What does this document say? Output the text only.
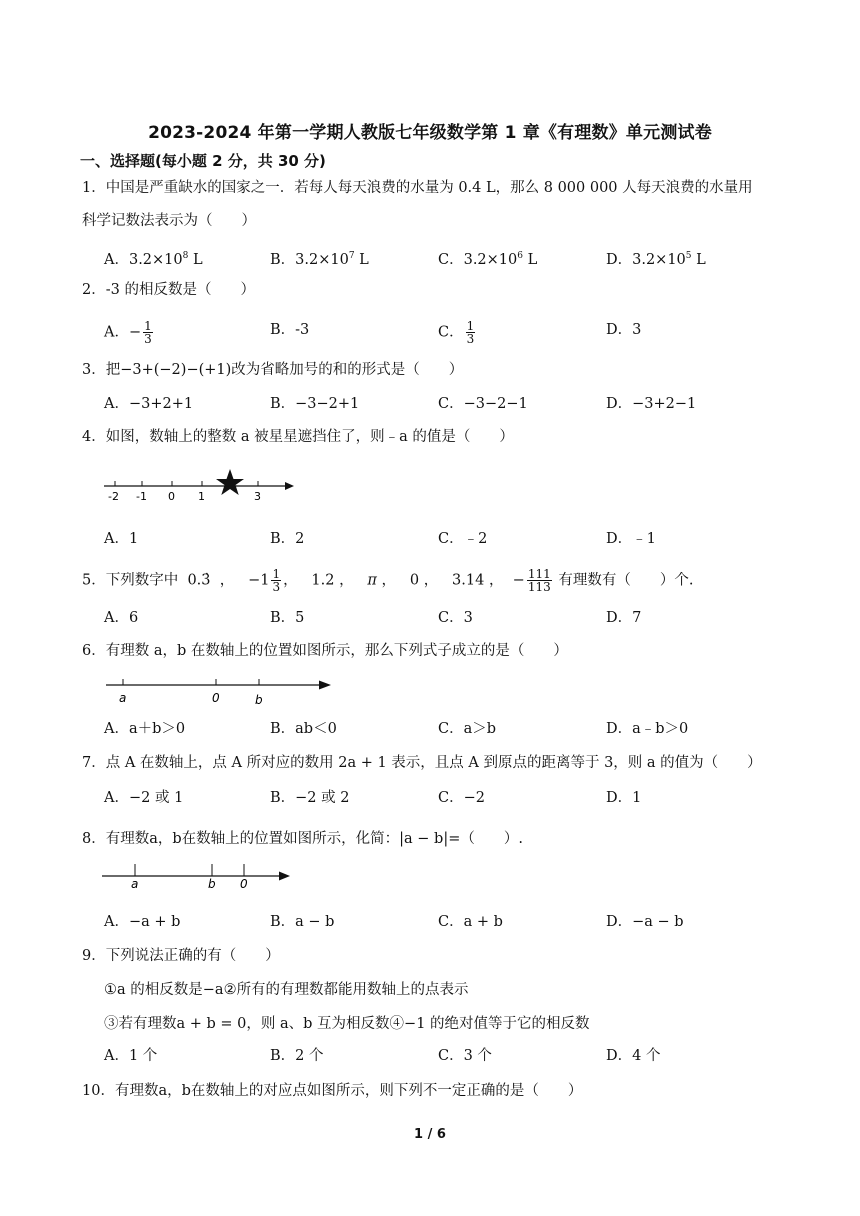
2023-2024 年第一学期人教版七年级数学第 1 章《有理数》单元测试卷
一、选择题(每小题 2 分，共 30 分)
1．中国是严重缺水的国家之一．若每人每天浪费的水量为 0.4 L，那么 8 000 000 人每天浪费的水量用
科学记数法表示为（　　）
A．$3.2\times 10^8$ L	B．$3.2\times 10^7$ L	C．$3.2\times 10^6$ L	D．$3.2\times 10^5$ L
2．-3 的相反数是（　　）
A．− $\frac{1}{3}$	B．-3	C． $\frac{1}{3}$	D．3
3．把−3+(−2)−(+1)改为省略加号的和的形式是（　　）
A．−3+2+1	B．−3−2+1	C．−3−2−1	D．−3+2−1
4．如图，数轴上的整数 a 被星星遮挡住了，则﹣a 的值是（　　）
-2 -1 0 1	3
A．1	B．2	C．﹣2	D．﹣1
5．下列数字中 0.3̇ ， $-1 \frac{1}{3}$ ， 1.2 ， π ， 0 ， 3.14 ， − $\frac{111}{113}$ 有理数有（　　）个.
A．6	B．5	C．3	D．7
6．有理数 a，b 在数轴上的位置如图所示，那么下列式子成立的是（　　）
a	0	b
A．a＋b＞0	B．ab＜0	C．a＞b	D．a﹣b＞0
7．点 A 在数轴上，点 A 所对应的数用 2a + 1 表示，且点 A 到原点的距离等于 3，则 a 的值为（　　）
A．−2 或 1	B．−2 或 2	C．−2	D．1
8．有理数a，b在数轴上的位置如图所示，化简：|a − b|=（　　）.
a	b 0
A．−a + b	B．a − b	C．a + b	D．−a − b
9．下列说法正确的有（　　）
①a 的相反数是−a②所有的有理数都能用数轴上的点表示
③若有理数a + b = 0，则 a、b 互为相反数④−1 的绝对值等于它的相反数
A．1 个	B．2 个	C．3 个	D．4 个
10．有理数a，b在数轴上的对应点如图所示，则下列不一定正确的是（　　）
1 / 6
